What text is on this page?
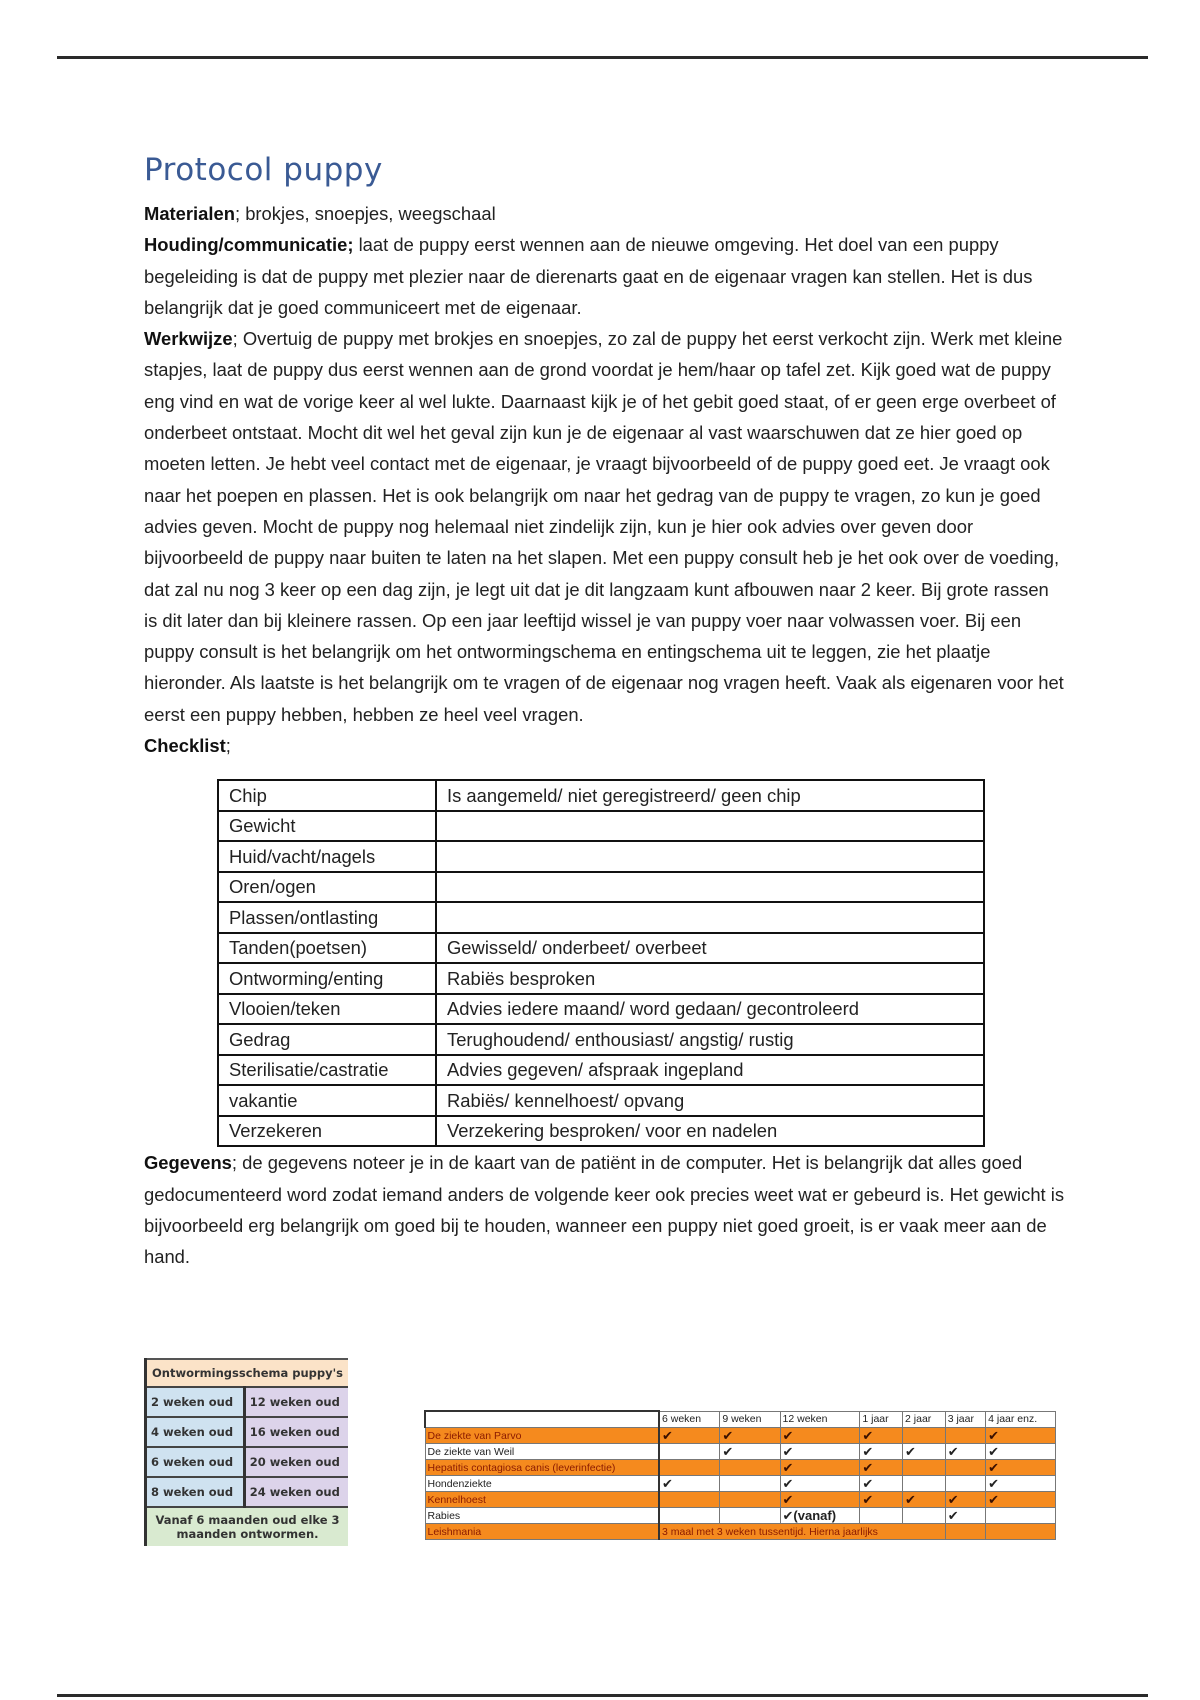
Protocol puppy

Materialen; brokjes, snoepjes, weegschaal

Houding/communicatie; laat de puppy eerst wennen aan de nieuwe omgeving. Het doel van een puppy begeleiding is dat de puppy met plezier naar de dierenarts gaat en de eigenaar vragen kan stellen. Het is dus belangrijk dat je goed communiceert met de eigenaar.

Werkwijze; Overtuig de puppy met brokjes en snoepjes, zo zal de puppy het eerst verkocht zijn. Werk met kleine stapjes, laat de puppy dus eerst wennen aan de grond voordat je hem/haar op tafel zet. Kijk goed wat de puppy eng vind en wat de vorige keer al wel lukte. Daarnaast kijk je of het gebit goed staat, of er geen erge overbeet of onderbeet ontstaat. Mocht dit wel het geval zijn kun je de eigenaar al vast waarschuwen dat ze hier goed op moeten letten. Je hebt veel contact met de eigenaar, je vraagt bijvoorbeeld of de puppy goed eet. Je vraagt ook naar het poepen en plassen. Het is ook belangrijk om naar het gedrag van de puppy te vragen, zo kun je goed advies geven. Mocht de puppy nog helemaal niet zindelijk zijn, kun je hier ook advies over geven door bijvoorbeeld de puppy naar buiten te laten na het slapen. Met een puppy consult heb je het ook over de voeding, dat zal nu nog 3 keer op een dag zijn, je legt uit dat je dit langzaam kunt afbouwen naar 2 keer. Bij grote rassen is dit later dan bij kleinere rassen. Op een jaar leeftijd wissel je van puppy voer naar volwassen voer. Bij een puppy consult is het belangrijk om het ontwormingschema en entingschema uit te leggen, zie het plaatje hieronder. Als laatste is het belangrijk om te vragen of de eigenaar nog vragen heeft. Vaak als eigenaren voor het eerst een puppy hebben, hebben ze heel veel vragen.

Checklist;

Chip	Is aangemeld/ niet geregistreerd/ geen chip
Gewicht	
Huid/vacht/nagels	
Oren/ogen	
Plassen/ontlasting	
Tanden(poetsen)	Gewisseld/ onderbeet/ overbeet
Ontworming/enting	Rabiës besproken
Vlooien/teken	Advies iedere maand/ word gedaan/ gecontroleerd
Gedrag	Terughoudend/ enthousiast/ angstig/ rustig
Sterilisatie/castratie	Advies gegeven/ afspraak ingepland
vakantie	Rabiës/ kennelhoest/ opvang
Verzekeren	Verzekering besproken/ voor en nadelen

Gegevens; de gegevens noteer je in de kaart van de patiënt in de computer. Het is belangrijk dat alles goed gedocumenteerd word zodat iemand anders de volgende keer ook precies weet wat er gebeurd is. Het gewicht is bijvoorbeeld erg belangrijk om goed bij te houden, wanneer een puppy niet goed groeit, is er vaak meer aan de hand.

Ontwormingsschema puppy's	
2 weken oud	12 weken oud
4 weken oud	16 weken oud
6 weken oud	20 weken oud
8 weken oud	24 weken oud
Vanaf 6 maanden oud elke 3 maanden ontwormen.	
	6 weken	9 weken	12 weken	1 jaar	2 jaar	3 jaar	4 jaar enz.
De ziekte van Parvo	✔	✔	✔	✔			✔
De ziekte van Weil		✔	✔	✔	✔	✔	✔
Hepatitis contagiosa canis (leverinfectie)			✔	✔			✔
Hondenziekte	✔		✔	✔			✔
Kennelhoest			✔	✔	✔	✔	✔
Rabies			✔(vanaf)			✔	
Leishmania	3 maal met 3 weken tussentijd. Hierna jaarlijks						
